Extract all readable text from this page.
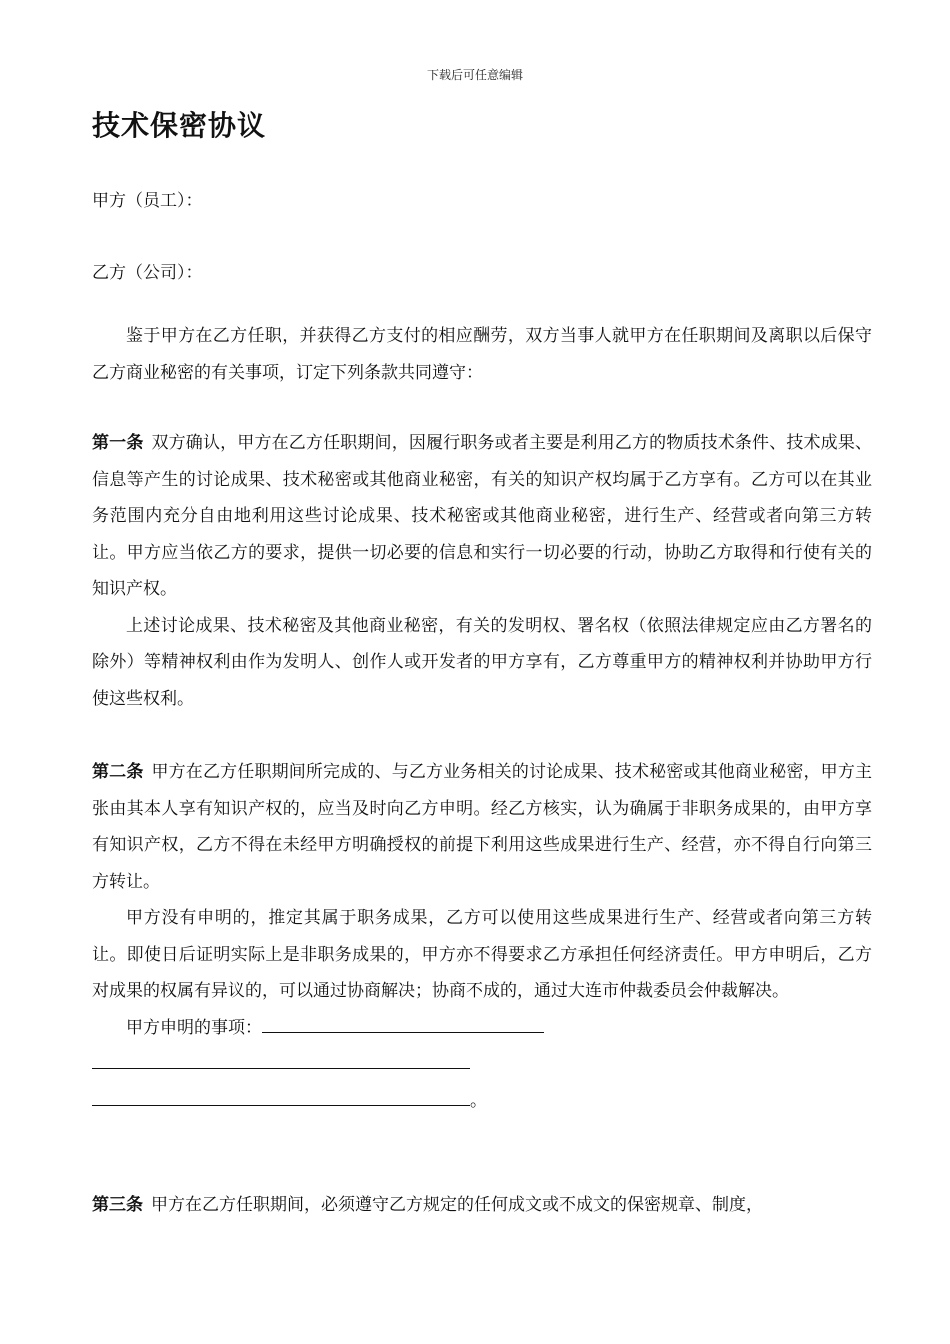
下载后可任意编辑
技术保密协议
甲方（员工）：
乙方（公司）：

鉴于甲方在乙方任职，并获得乙方支付的相应酬劳，双方当事人就甲方在任职期间及离职以后保守乙方商业秘密的有关事项，订定下列条款共同遵守：

第一条 双方确认，甲方在乙方任职期间，因履行职务或者主要是利用乙方的物质技术条件、技术成果、信息等产生的讨论成果、技术秘密或其他商业秘密，有关的知识产权均属于乙方享有。乙方可以在其业务范围内充分自由地利用这些讨论成果、技术秘密或其他商业秘密，进行生产、经营或者向第三方转让。甲方应当依乙方的要求，提供一切必要的信息和实行一切必要的行动，协助乙方取得和行使有关的知识产权。

上述讨论成果、技术秘密及其他商业秘密，有关的发明权、署名权（依照法律规定应由乙方署名的除外）等精神权利由作为发明人、创作人或开发者的甲方享有，乙方尊重甲方的精神权利并协助甲方行使这些权利。

第二条 甲方在乙方任职期间所完成的、与乙方业务相关的讨论成果、技术秘密或其他商业秘密，甲方主张由其本人享有知识产权的，应当及时向乙方申明。经乙方核实，认为确属于非职务成果的，由甲方享有知识产权，乙方不得在未经甲方明确授权的前提下利用这些成果进行生产、经营，亦不得自行向第三方转让。

甲方没有申明的，推定其属于职务成果，乙方可以使用这些成果进行生产、经营或者向第三方转让。即使日后证明实际上是非职务成果的，甲方亦不得要求乙方承担任何经济责任。甲方申明后，乙方对成果的权属有异议的，可以通过协商解决；协商不成的，通过大连市仲裁委员会仲裁解决。

甲方申明的事项：

。

第三条 甲方在乙方任职期间，必须遵守乙方规定的任何成文或不成文的保密规章、制度，
